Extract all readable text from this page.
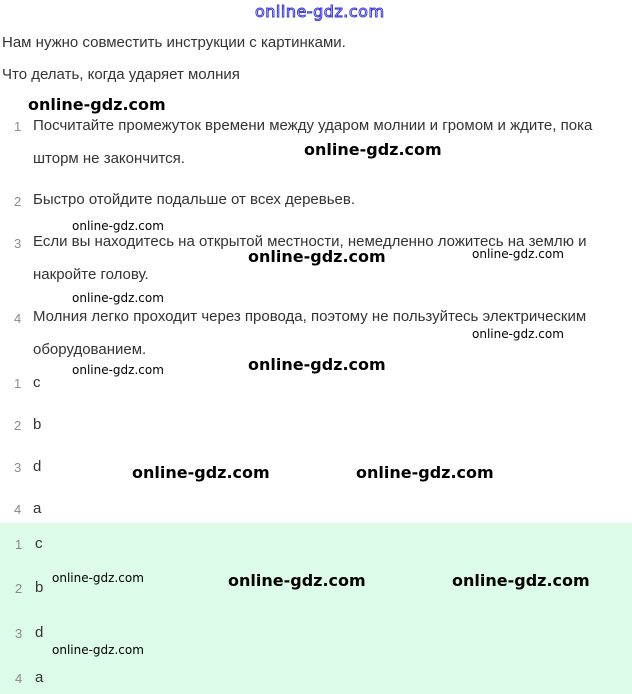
online-gdz.com
Нам нужно совместить инструкции с картинками.
Что делать, когда ударяет молния
1 Посчитайте промежуток времени между ударом молнии и громом и ждите, пока шторм не закончится.
2 Быстро отойдите подальше от всех деревьев.
3 Если вы находитесь на открытой местности, немедленно ложитесь на землю и накройте голову.
4 Молния легко проходит через провода, поэтому не пользуйтесь электрическим оборудованием.
1 c
2 b
3 d
4 a
1 c
2 b
3 d
4 a
online-gdz.com
online-gdz.com
online-gdz.com
online-gdz.com	online-gdz.com
online-gdz.com
online-gdz.com
online-gdz.com
online-gdz.com
online-gdz.com	online-gdz.com
online-gdz.com	online-gdz.com	online-gdz.com
online-gdz.com
